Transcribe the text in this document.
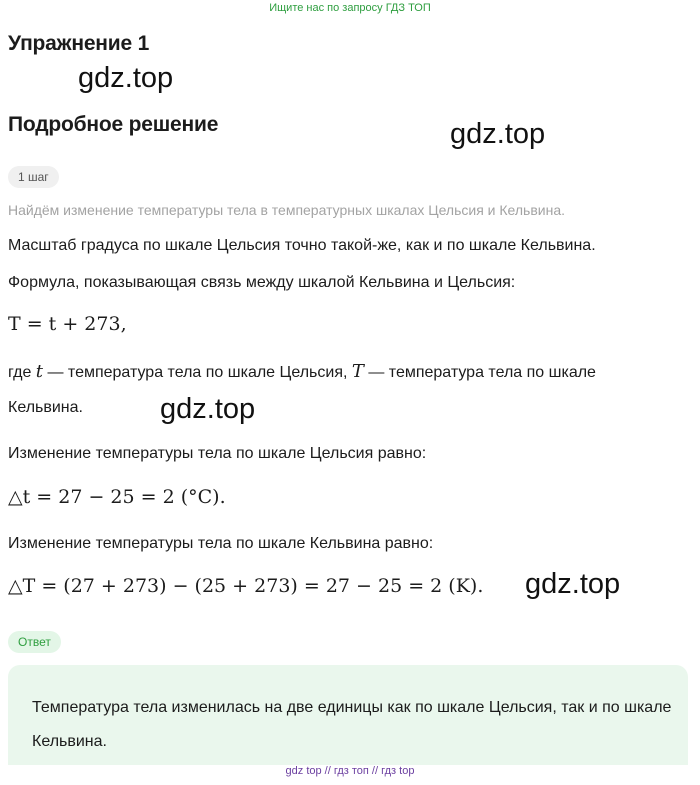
Ищите нас по запросу ГДЗ ТОП
Упражнение 1
gdz.top
Подробное решение	gdz.top
1 шаг
Найдём изменение температуры тела в температурных шкалах Цельсия и Кельвина.
Масштаб градуса по шкале Цельсия точно такой-же, как и по шкале Кельвина.
Формула, показывающая связь между шкалой Кельвина и Цельсия:
T = t + 273,
где t — температура тела по шкале Цельсия, T — температура тела по шкале
Кельвина.	gdz.top
Изменение температуры тела по шкале Цельсия равно:
△t = 27 − 25 = 2 (°C).
Изменение температуры тела по шкале Кельвина равно:
△T = (27 + 273) − (25 + 273) = 27 − 25 = 2 (K). gdz.top
Ответ
Температура тела изменилась на две единицы как по шкале Цельсия, так и по шкале Кельвина.
gdz top // гдз топ // гдз top
